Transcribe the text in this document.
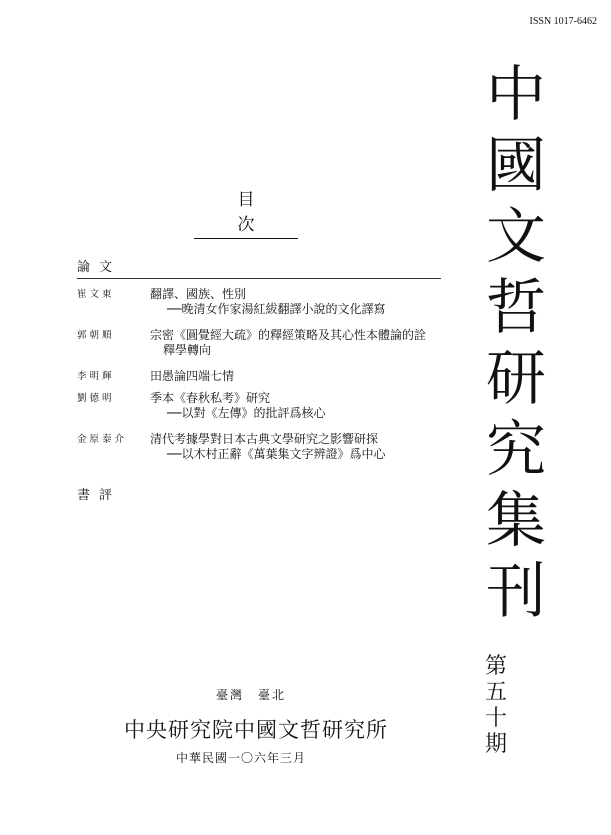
ISSN 1017-6462
中
國
文
哲
研
究
集
刊
第
五
十
期
目次
論文
崔文東	翻譯、國族、性別
──晚清女作家湯紅紱翻譯小說的文化譯寫
郭朝順	宗密《圓覺經大疏》的釋經策略及其心性本體論的詮
釋學轉向
李明輝	田愚論四端七情
劉德明	季本《春秋私考》研究
──以對《左傳》的批評爲核心
金原泰介	清代考據學對日本古典文學研究之影響研探
──以木村正辭《萬葉集文字辨證》爲中心
書評
臺灣 臺北
中央研究院中國文哲研究所
中華民國一〇六年三月
